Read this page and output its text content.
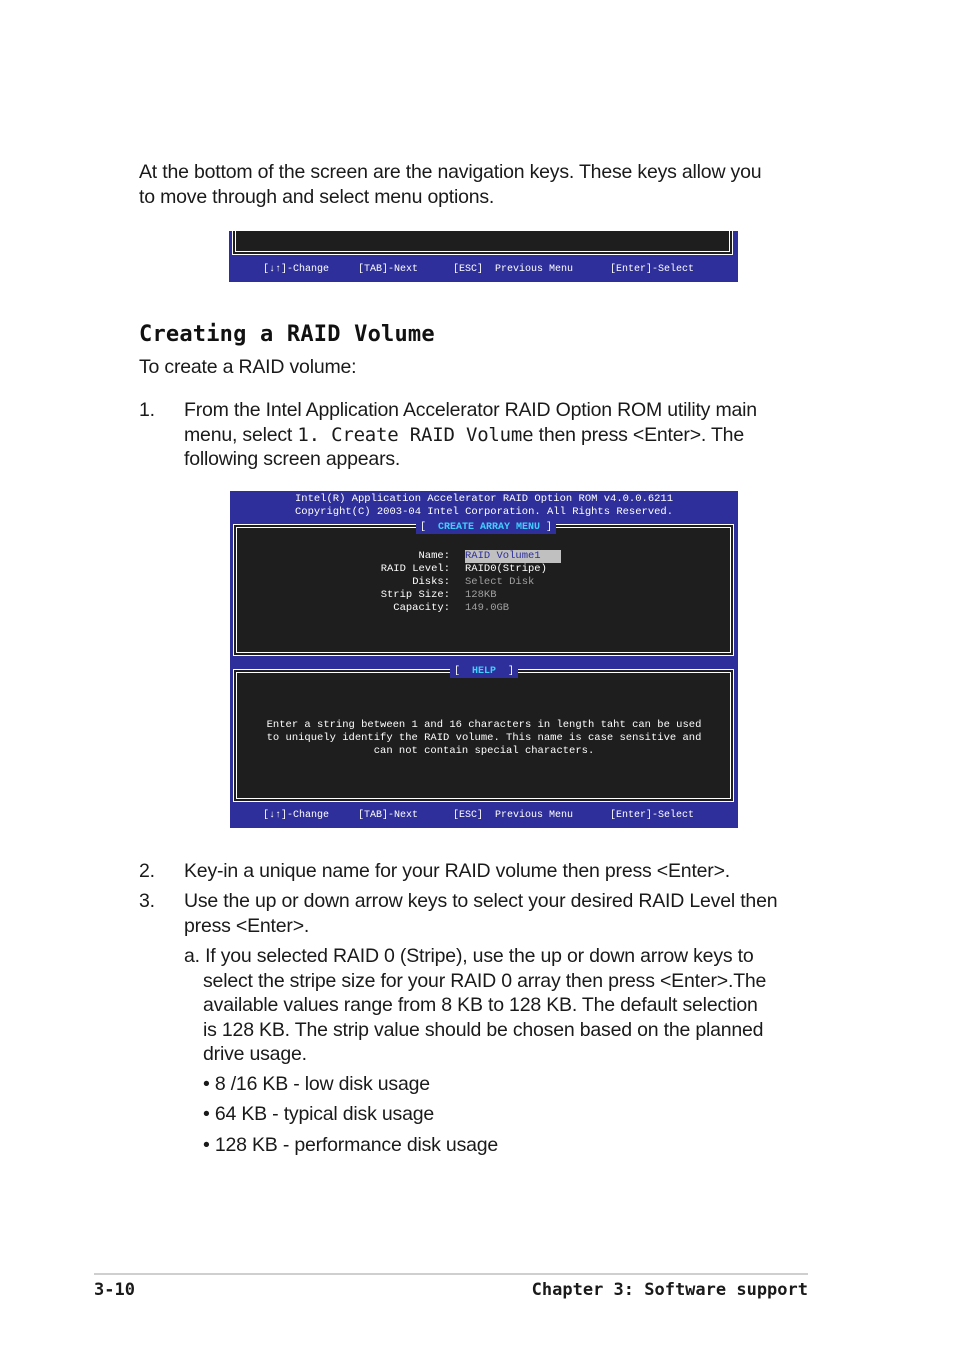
At the bottom of the screen are the navigation keys. These keys allow you
to move through and select menu options.
[↓↑]-Change	[TAB]-Next	[ESC]  Previous Menu	[Enter]-Select
Creating a RAID Volume
To create a RAID volume:
1. From the Intel Application Accelerator RAID Option ROM utility main
menu, select 1. Create RAID Volume then press <Enter>. The
following screen appears.
Intel(R) Application Accelerator RAID Option ROM v4.0.0.6211
Copyright(C) 2003-04 Intel Corporation. All Rights Reserved.
[  CREATE ARRAY MENU ]
Name: RAID Volume1
RAID Level: RAID0(Stripe)
Disks: Select Disk
Strip Size: 128KB
Capacity: 149.0GB
[  HELP  ]
Enter a string between 1 and 16 characters in length taht can be used
to uniquely identify the RAID volume. This name is case sensitive and
can not contain special characters.
[↓↑]-Change	[TAB]-Next	[ESC]  Previous Menu	[Enter]-Select
2. Key-in a unique name for your RAID volume then press <Enter>.
3. Use the up or down arrow keys to select your desired RAID Level then
press <Enter>.
a. If you selected RAID 0 (Stripe), use the up or down arrow keys to
select the stripe size for your RAID 0 array then press <Enter>.The
available values range from 8 KB to 128 KB. The default selection
is 128 KB. The strip value should be chosen based on the planned
drive usage.
• 8 /16 KB - low disk usage
• 64 KB - typical disk usage
• 128 KB - performance disk usage
3-10	Chapter 3: Software support
